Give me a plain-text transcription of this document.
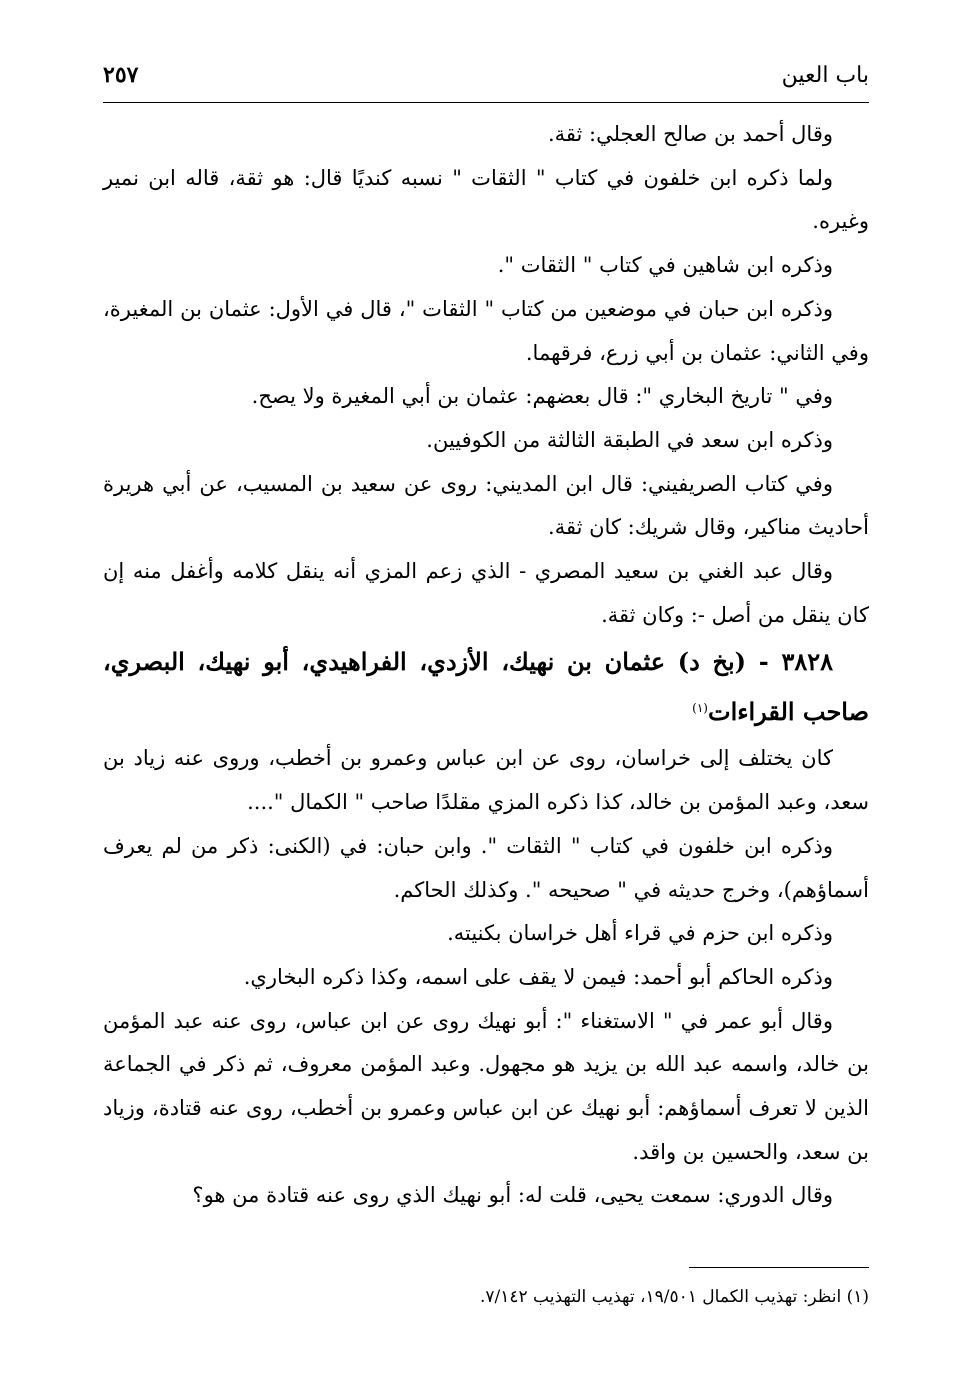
باب العين
٢٥٧

وقال أحمد بن صالح العجلي: ثقة.

ولما ذكره ابن خلفون في كتاب " الثقات " نسبه كنديًا قال: هو ثقة، قاله ابن نمير وغيره.

وذكره ابن شاهين في كتاب " الثقات ".

وذكره ابن حبان في موضعين من كتاب " الثقات "، قال في الأول: عثمان بن المغيرة، وفي الثاني: عثمان بن أبي زرع، فرقهما.

وفي " تاريخ البخاري ": قال بعضهم: عثمان بن أبي المغيرة ولا يصح.

وذكره ابن سعد في الطبقة الثالثة من الكوفيين.

وفي كتاب الصريفيني: قال ابن المديني: روى عن سعيد بن المسيب، عن أبي هريرة أحاديث مناكير، وقال شريك: كان ثقة.

وقال عبد الغني بن سعيد المصري - الذي زعم المزي أنه ينقل كلامه وأغفل منه إن كان ينقل من أصل -: وكان ثقة.

٣٨٢٨ - (بخ د) عثمان بن نهيك، الأزدي، الفراهيدي، أبو نهيك، البصري، صاحب القراءات$^{(١)}$

كان يختلف إلى خراسان، روى عن ابن عباس وعمرو بن أخطب، وروى عنه زياد بن سعد، وعبد المؤمن بن خالد، كذا ذكره المزي مقلدًا صاحب " الكمال "....

وذكره ابن خلفون في كتاب " الثقات ". وابن حبان: في (الكنى: ذكر من لم يعرف أسماؤهم)، وخرج حديثه في " صحيحه ". وكذلك الحاكم.

وذكره ابن حزم في قراء أهل خراسان بكنيته.

وذكره الحاكم أبو أحمد: فيمن لا يقف على اسمه، وكذا ذكره البخاري.

وقال أبو عمر في " الاستغناء ": أبو نهيك روى عن ابن عباس، روى عنه عبد المؤمن بن خالد، واسمه عبد الله بن يزيد هو مجهول. وعبد المؤمن معروف، ثم ذكر في الجماعة الذين لا تعرف أسماؤهم: أبو نهيك عن ابن عباس وعمرو بن أخطب، روى عنه قتادة، وزياد بن سعد، والحسين بن واقد.

وقال الدوري: سمعت يحيى، قلت له: أبو نهيك الذي روى عنه قتادة من هو؟

(١) انظر: تهذيب الكمال ١٩/٥٠١، تهذيب التهذيب ٧/١٤٢.
